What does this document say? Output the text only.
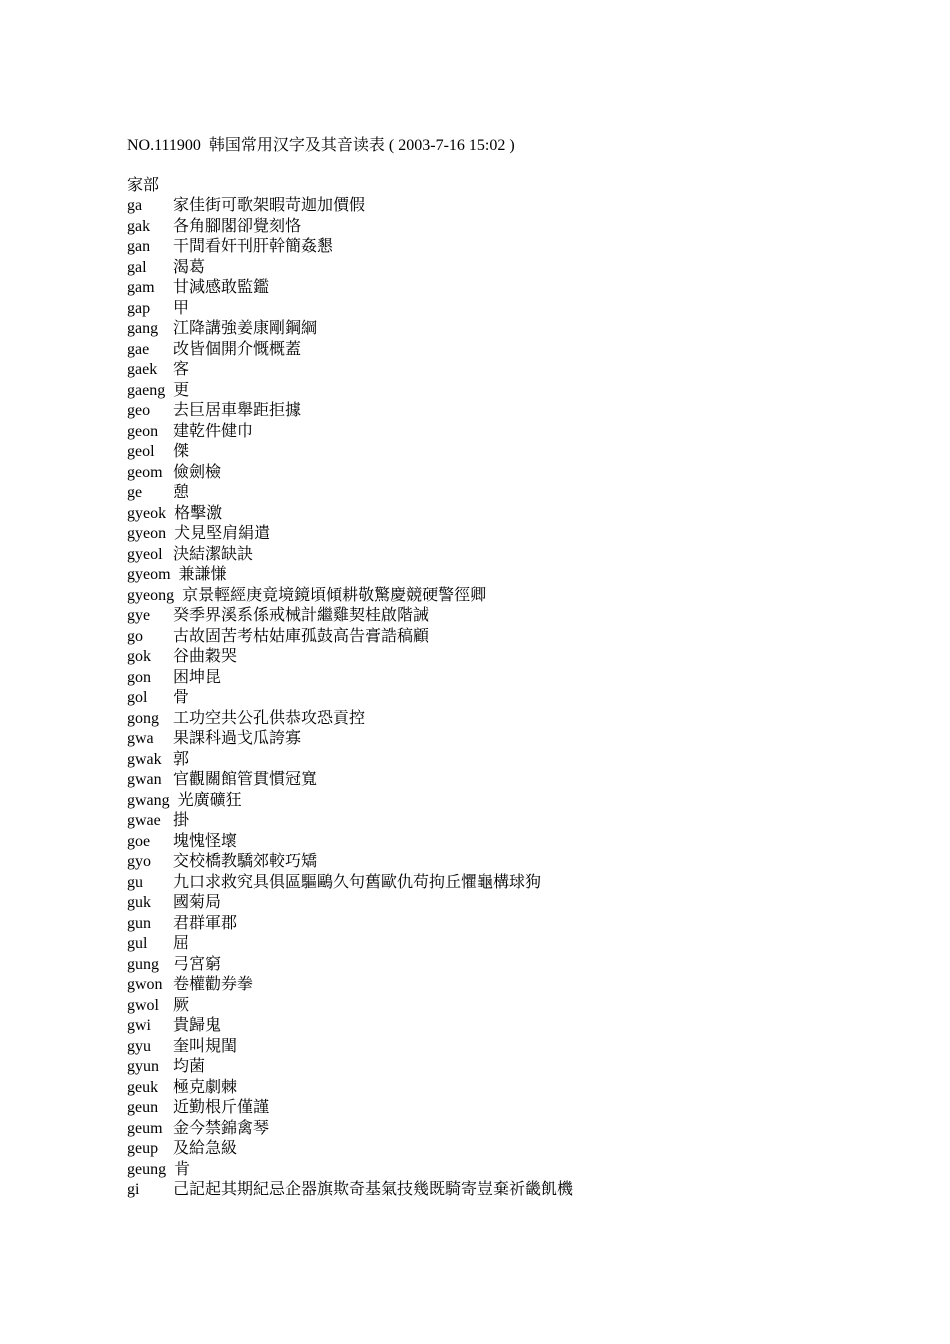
NO.111900  韩国常用汉字及其音读表 ( 2003-7-16 15:02 )

家部
ga	家佳街可歌架暇苛迦加價假
gak	各角腳閣卻覺刻恪
gan	干間看奸刊肝幹簡姦懇
gal	渴葛
gam	甘減感敢監鑑
gap	甲
gang 江降講強姜康剛鋼綱
gae	改皆個開介慨概蓋
gaek 客
gaeng 更
geo	去巨居車舉距拒據
geon 建乾件健巾
geol	傑
geom 儉劍檢
ge	憩
gyeok 格擊激
gyeon 犬見堅肩絹遣
gyeol 決結潔缺訣
gyeom 兼謙慊
gyeong 京景輕經庚竟境鏡頃傾耕敬驚慶競硬警徑卿
gye	癸季界溪系係戒械計繼雞契桂啟階誡
go	古故固苦考枯姑庫孤鼓高告膏誥稿顧
gok	谷曲穀哭
gon	困坤昆
gol	骨
gong 工功空共公孔供恭攻恐貢控
gwa	果課科過戈瓜誇寡
gwak 郭
gwan 官觀關館管貫慣冠寬
gwang 光廣礦狂
gwae 掛
goe	塊愧怪壞
gyo	交校橋教驕郊較巧矯
gu	九口求救究具俱區驅鷗久句舊歐仇苟拘丘懼龜構球狗
guk	國菊局
gun	君群軍郡
gul	屈
gung 弓宮窮
gwon 卷權勸券拳
gwol 厥
gwi	貴歸鬼
gyu	奎叫規閨
gyun 均菌
geuk 極克劇棘
geun 近勤根斤僅謹
geum 金今禁錦禽琴
geup 及給急級
geung 肯
gi	己記起其期紀忌企器旗欺奇基氣技幾既騎寄豈棄祈畿飢機
